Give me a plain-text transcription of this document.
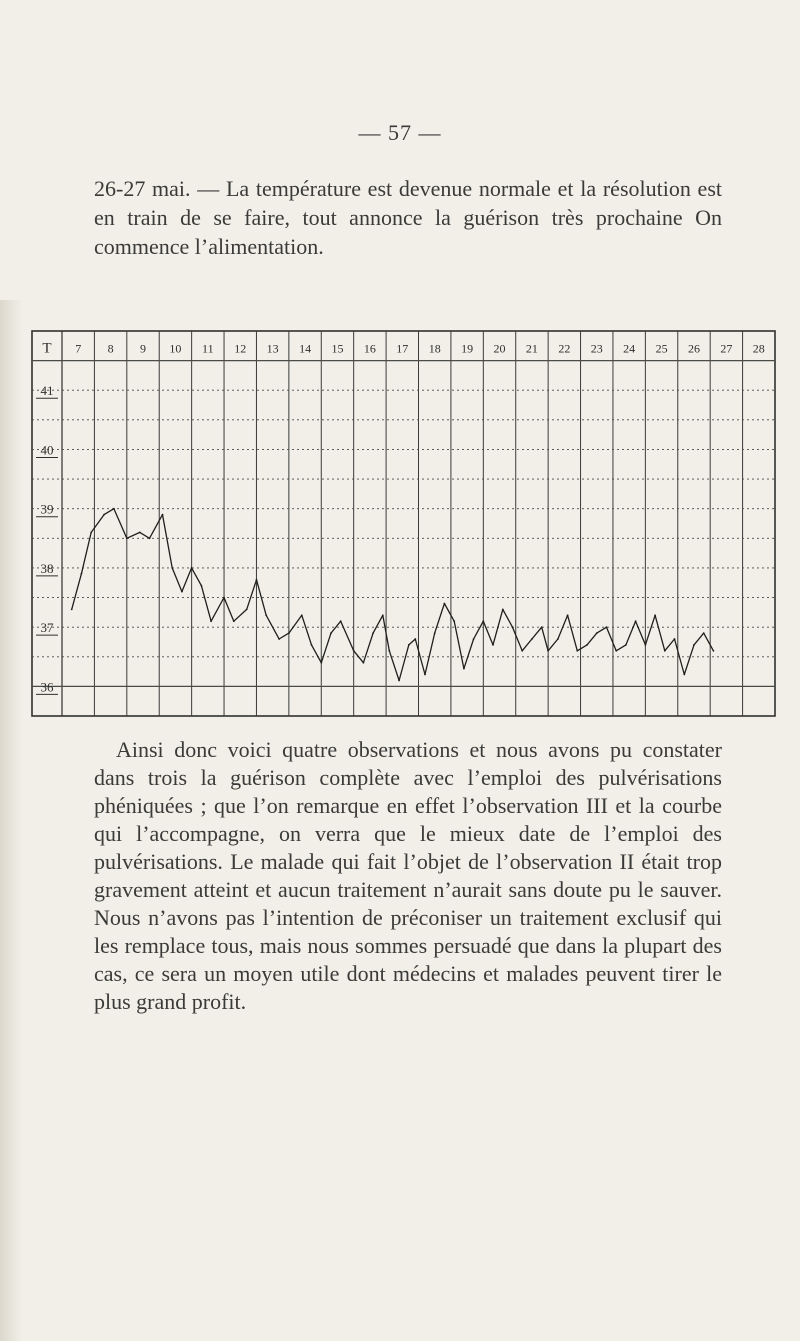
— 57 —

26-27 mai. — La température est devenue normale et la résolution est en train de se faire, tout annonce la guérison très prochaine On commence l’alimentation.

T 7 8 9 10 11 12 13 14 15 16 17 18 19 20 21 22 23 24 25 26 27 28
41
40
39
38
37
36

Ainsi donc voici quatre observations et nous avons pu constater dans trois la guérison complète avec l’emploi des pulvérisations phéniquées ; que l’on remarque en effet l’observation III et la courbe qui l’accompagne, on verra que le mieux date de l’emploi des pulvérisations. Le malade qui fait l’objet de l’observation II était trop gravement atteint et aucun traitement n’aurait sans doute pu le sauver. Nous n’avons pas l’intention de préconiser un traitement exclusif qui les remplace tous, mais nous sommes persuadé que dans la plupart des cas, ce sera un moyen utile dont médecins et malades peuvent tirer le plus grand profit.
